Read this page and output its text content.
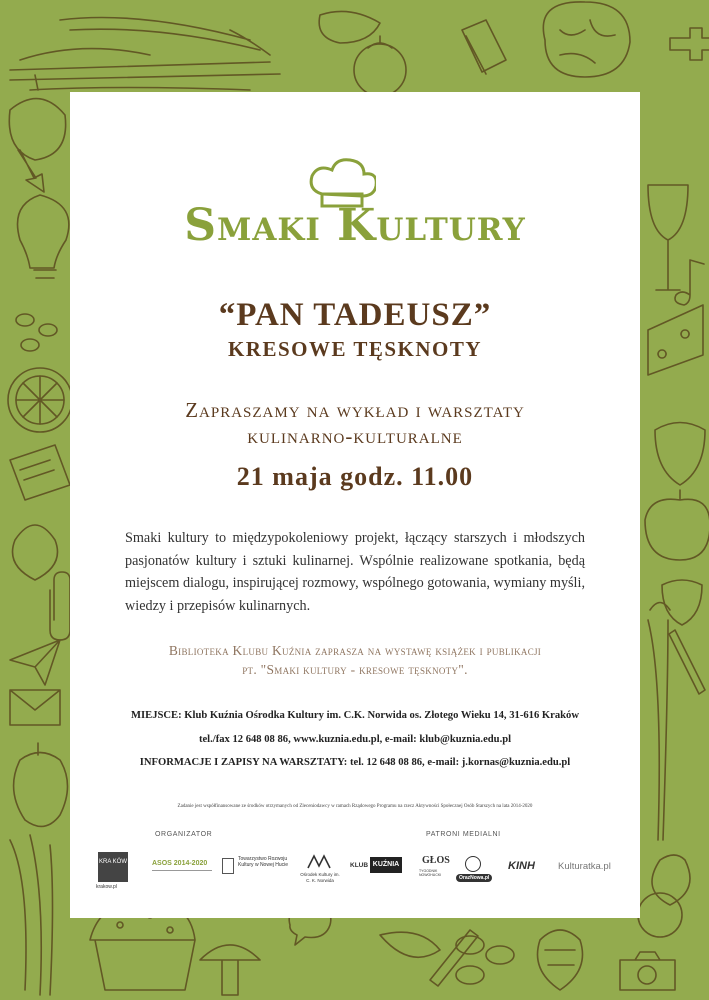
Smaki Kultury
“PAN TADEUSZ”
KRESOWE TĘSKNOTY
Zapraszamy na wykład i warsztaty
kulinarno-kulturalne
21 maja godz. 11.00
Smaki kultury to międzypokoleniowy projekt, łączący starszych i młodszych pasjonatów kultury i sztuki kulinarnej. Wspólnie realizowane spotkania, będą miejscem dialogu, inspirującej rozmowy, wspólnego gotowania, wymiany myśli, wiedzy i przepisów kulinarnych.
Biblioteka Klubu Kuźnia zaprasza na wystawę książek i publikacji
pt. "Smaki kultury - kresowe tęsknoty".
MIEJSCE: Klub Kuźnia Ośrodka Kultury im. C.K. Norwida os. Złotego Wieku 14, 31-616 Kraków
tel./fax 12 648 08 86, www.kuznia.edu.pl, e-mail: klub@kuznia.edu.pl
INFORMACJE I ZAPISY NA WARSZTATY: tel. 12 648 08 86, e-mail: j.kornas@kuznia.edu.pl
Zadanie jest współfinansowane ze środków otrzymanych od Zleceniodawcy w ramach Rządowego Programu na rzecz Aktywności Społecznej Osób Starszych na lata 2014-2020
ORGANIZATOR	PATRONI MEDIALNI
KRA KÓW
krakow.pl
ASOS 2014-2020
Towarzystwo Rozwoju Kultury w Nowej Hucie
Ośrodek Kultury im. C. K. Norwida
KLUB KUŹNIA GŁOS
TYGODNIK NOWOHUCKI	OrazNowa.pl
KINH Kulturatka.pl
